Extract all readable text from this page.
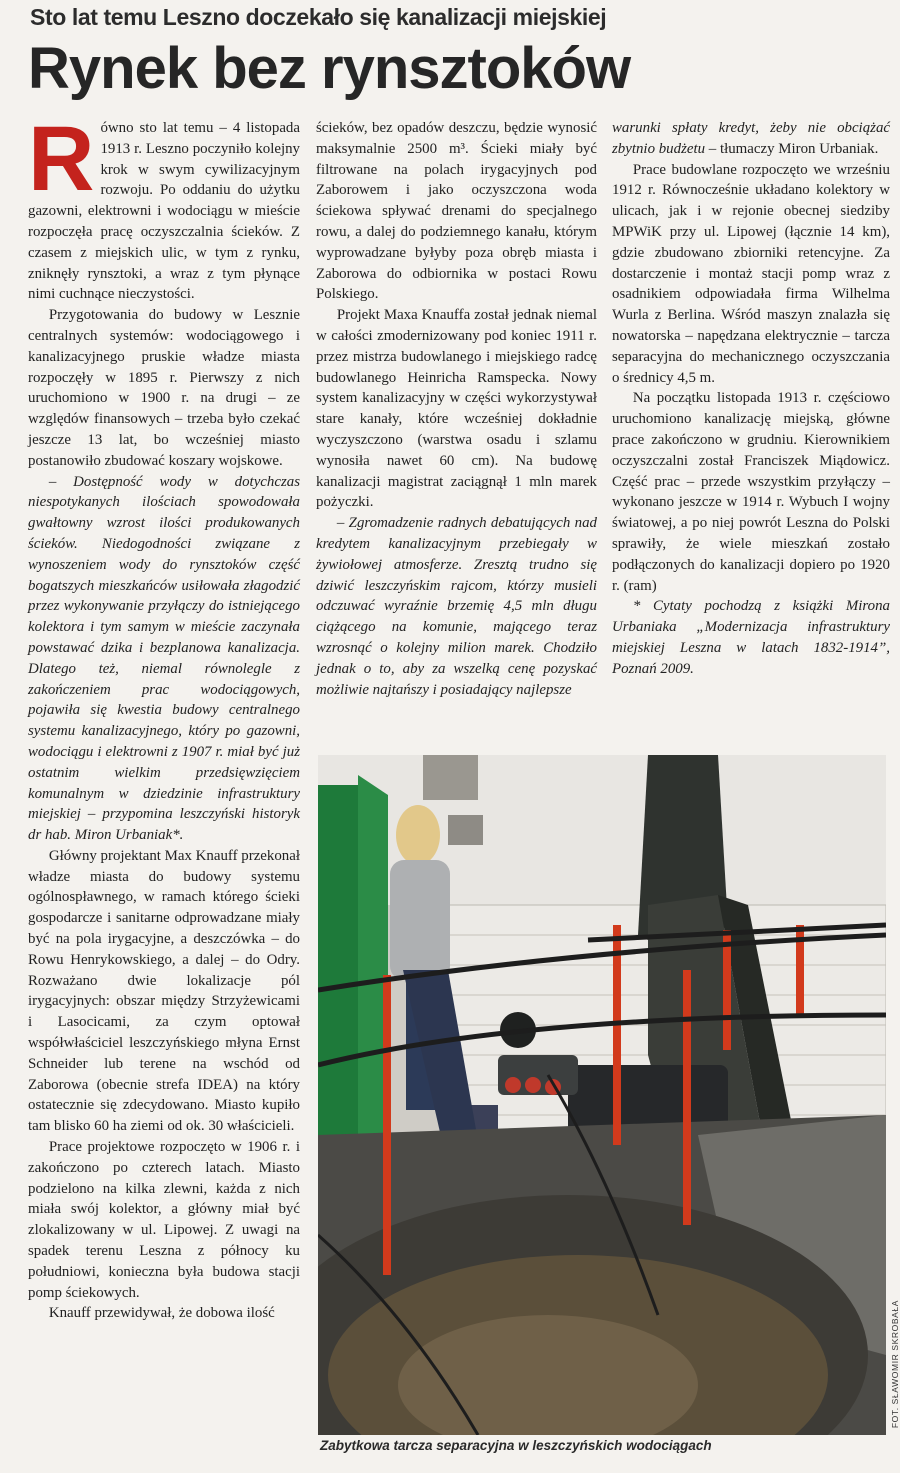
Sto lat temu Leszno doczekało się kanalizacji miejskiej
Rynek bez rynsztoków

Równo sto lat temu – 4 listopada 1913 r. Leszno poczyniło kolejny krok w swym cywilizacyjnym rozwoju. Po oddaniu do użytku gazowni, elektrowni i wodociągu w mieście rozpoczęła pracę oczyszczalnia ścieków. Z czasem z miejskich ulic, w tym z rynku, zniknęły rynsztoki, a wraz z tym płynące nimi cuchnące nieczystości.

Przygotowania do budowy w Lesznie centralnych systemów: wodociągowego i kanalizacyjnego pruskie władze miasta rozpoczęły w 1895 r. Pierwszy z nich uruchomiono w 1900 r. na drugi – ze względów finansowych – trzeba było czekać jeszcze 13 lat, bo wcześniej miasto postanowiło zbudować koszary wojskowe.

– Dostępność wody w dotychczas niespotykanych ilościach spowodowała gwałtowny wzrost ilości produkowanych ścieków. Niedogodności związane z wynoszeniem wody do rynsztoków część bogatszych mieszkańców usiłowała złagodzić przez wykonywanie przyłączy do istniejącego kolektora i tym samym w mieście zaczynała powstawać dzika i bezplanowa kanalizacja. Dlatego też, niemal równolegle z zakończeniem prac wodociągowych, pojawiła się kwestia budowy centralnego systemu kanalizacyjnego, który po gazowni, wodociągu i elektrowni z 1907 r. miał być już ostatnim wielkim przedsięwzięciem komunalnym w dziedzinie infrastruktury miejskiej – przypomina leszczyński historyk dr hab. Miron Urbaniak*.

Główny projektant Max Knauff przekonał władze miasta do budowy systemu ogólnospławnego, w ramach którego ścieki gospodarcze i sanitarne odprowadzane miały być na pola irygacyjne, a deszczówka – do Rowu Henrykowskiego, a dalej – do Odry. Rozważano dwie lokalizacje pól irygacyjnych: obszar między Strzyżewicami i Lasocicami, za czym optował współwłaściciel leszczyńskiego młyna Ernst Schneider lub terene na wschód od Zaborowa (obecnie strefa IDEA) na który ostatecznie się zdecydowano. Miasto kupiło tam blisko 60 ha ziemi od ok. 30 właścicieli.

Prace projektowe rozpoczęto w 1906 r. i zakończono po czterech latach. Miasto podzielono na kilka zlewni, każda z nich miała swój kolektor, a główny miał być zlokalizowany w ul. Lipowej. Z uwagi na spadek terenu Leszna z północy ku południowi, konieczna była budowa stacji pomp ściekowych.

Knauff przewidywał, że dobowa ilość

ścieków, bez opadów deszczu, będzie wynosić maksymalnie 2500 m³. Ścieki miały być filtrowane na polach irygacyjnych pod Zaborowem i jako oczyszczona woda ściekowa spływać drenami do specjalnego rowu, a dalej do podziemnego kanału, którym wyprowadzane byłyby poza obręb miasta i Zaborowa do odbiornika w postaci Rowu Polskiego.

Projekt Maxa Knauffa został jednak niemal w całości zmodernizowany pod koniec 1911 r. przez mistrza budowlanego i miejskiego radcę budowlanego Heinricha Ramspecka. Nowy system kanalizacyjny w części wykorzystywał stare kanały, które wcześniej dokładnie wyczyszczono (warstwa osadu i szlamu wynosiła nawet 60 cm). Na budowę kanalizacji magistrat zaciągnął 1 mln marek pożyczki.

– Zgromadzenie radnych debatujących nad kredytem kanalizacyjnym przebiegały w żywiołowej atmosferze. Zresztą trudno się dziwić leszczyńskim rajcom, którzy musieli odczuwać wyraźnie brzemię 4,5 mln długu ciążącego na komunie, mającego teraz wzrosnąć o kolejny milion marek. Chodziło jednak o to, aby za wszelką cenę pozyskać możliwie najtańszy i posiadający najlepsze

warunki spłaty kredyt, żeby nie obciążać zbytnio budżetu – tłumaczy Miron Urbaniak.

Prace budowlane rozpoczęto we wrześniu 1912 r. Równocześnie układano kolektory w ulicach, jak i w rejonie obecnej siedziby MPWiK przy ul. Lipowej (łącznie 14 km), gdzie zbudowano zbiorniki retencyjne. Za dostarczenie i montaż stacji pomp wraz z osadnikiem odpowiadała firma Wilhelma Wurla z Berlina. Wśród maszyn znalazła się nowatorska – napędzana elektrycznie – tarcza separacyjna do mechanicznego oczyszczania o średnicy 4,5 m.

Na początku listopada 1913 r. częściowo uruchomiono kanalizację miejską, główne prace zakończono w grudniu. Kierownikiem oczyszczalni został Franciszek Miądowicz. Część prac – przede wszystkim przyłączy – wykonano jeszcze w 1914 r. Wybuch I wojny światowej, a po niej powrót Leszna do Polski sprawiły, że wiele mieszkań zostało podłączonych do kanalizacji dopiero po 1920 r. (ram)

* Cytaty pochodzą z książki Mirona Urbaniaka „Modernizacja infrastruktury miejskiej Leszna w latach 1832-1914”, Poznań 2009.

FOT. SŁAWOMIR SKROBAŁA
Zabytkowa tarcza separacyjna w leszczyńskich wodociągach
